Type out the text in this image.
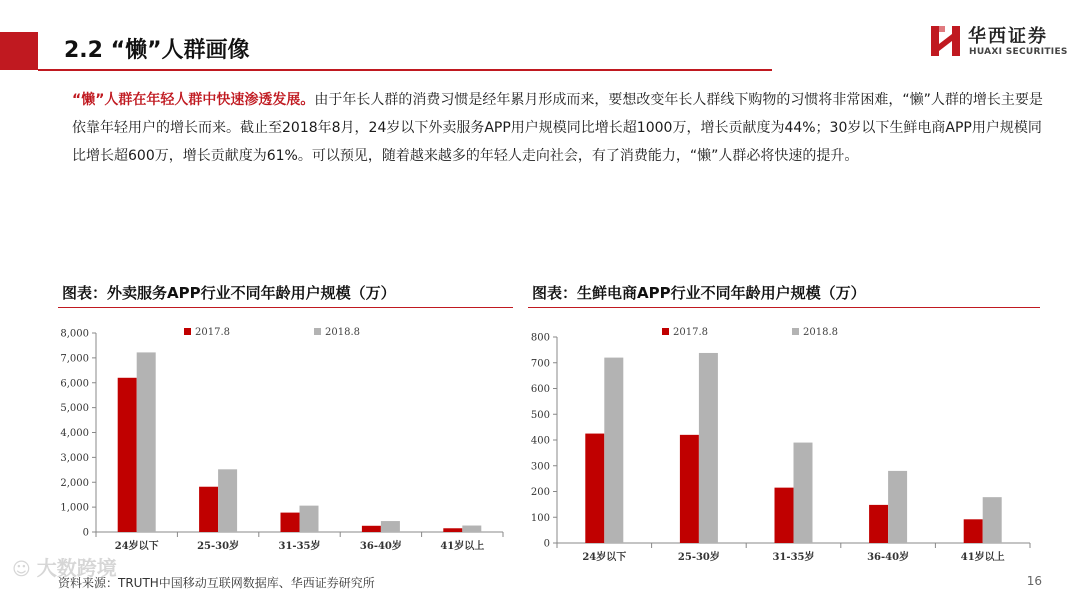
2.2 “懒”人群画像
华西证券
HUAXI SECURITIES
“懒”人群在年轻人群中快速渗透发展。由于年长人群的消费习惯是经年累月形成而来，要想改变年长人群线下购物的习惯将非常困难，“懒”人群的增长主要是依靠年轻用户的增长而来。截止至2018年8月，24岁以下外卖服务APP用户规模同比增长超1000万，增长贡献度为44%；30岁以下生鲜电商APP用户规模同比增长超600万，增长贡献度为61%。可以预见，随着越来越多的年轻人走向社会，有了消费能力，“懒”人群必将快速的提升。
图表：外卖服务APP行业不同年龄用户规模（万）	图表：生鲜电商APP行业不同年龄用户规模（万）
0
1,000
2,000
3,000
4,000
5,000
6,000
7,000
8,000
24岁以下	25-30岁	31-35岁	36-40岁	41岁以上
2017.8	2018.8
0
100
200
300
400
500
600
700
800
24岁以下	25-30岁	31-35岁	36-40岁	41岁以上
2017.8	2018.8
☺ 大数跨境
资料来源：TRUTH中国移动互联网数据库、华西证券研究所	16
